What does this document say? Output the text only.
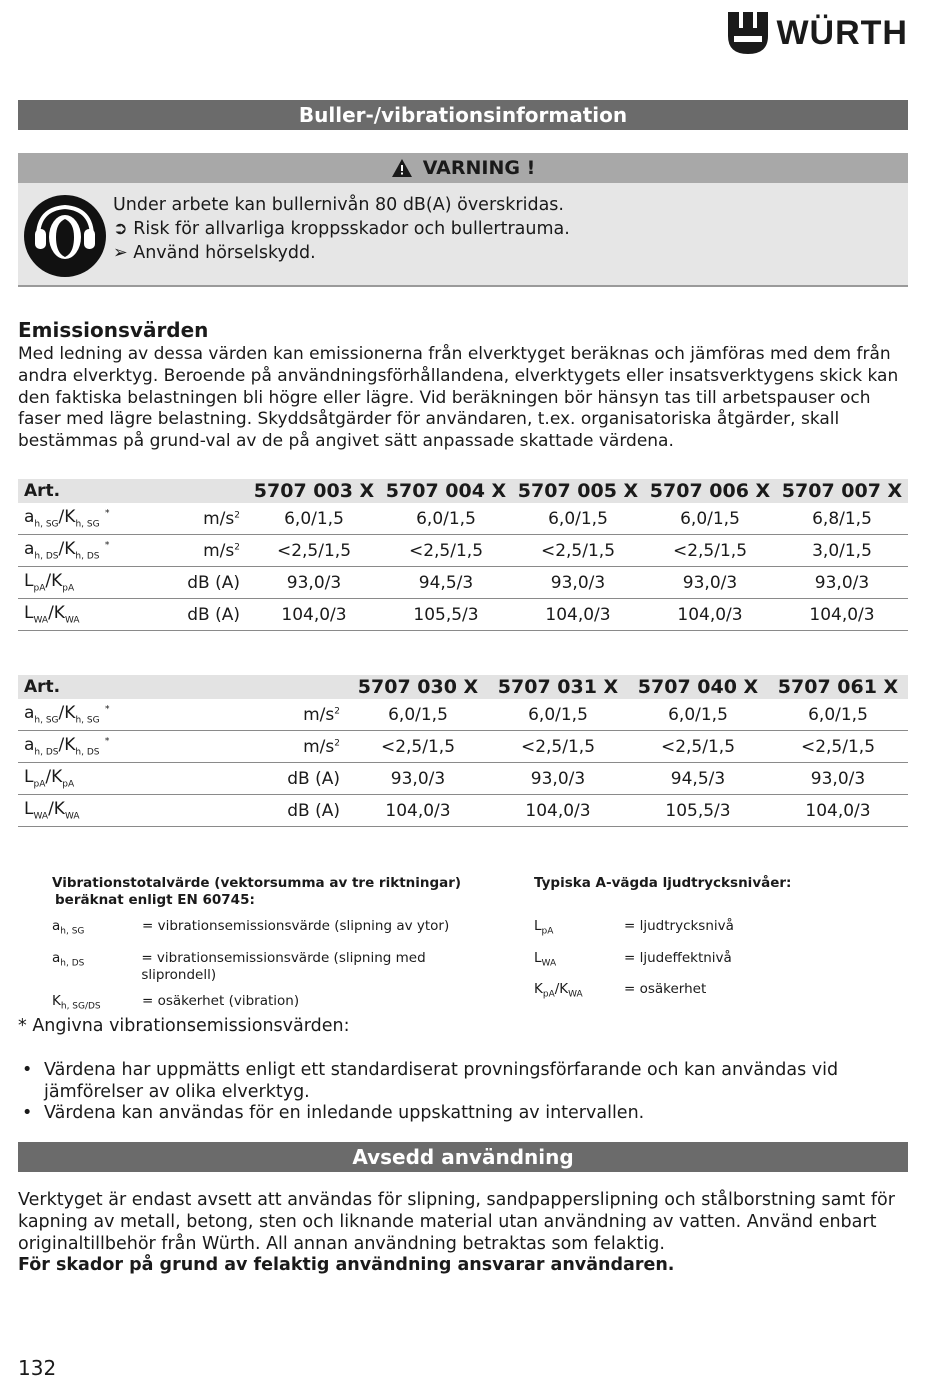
WÜRTH
Buller-/vibrationsinformation
VARNING !
Under arbete kan bullernivån 80 dB(A) överskridas.
➲ Risk för allvarliga kroppsskador och bullertrauma.
➢ Använd hörselskydd.
Emissionsvärden
Med ledning av dessa värden kan emissionerna från elverktyget beräknas och jämföras med dem från andra elverktyg. Beroende på användningsförhållandena, elverktygets eller insatsverktygens skick kan den faktiska belastningen bli högre eller lägre. Vid beräkningen bör hänsyn tas till arbetspauser och faser med lägre belastning. Skyddsåtgärder för användaren, t.ex. organisatoriska åtgärder, skall bestämmas på grund-val av de på angivet sätt anpassade skattade värdena.
Art.		5707 003 X	5707 004 X	5707 005 X	5707 006 X	5707 007 X
$a_{h, SG}/K_{h, SG}$ *	$m/s^2$	6,0/1,5	6,0/1,5	6,0/1,5	6,0/1,5	6,8/1,5
$a_{h, DS}/K_{h, DS}$ *	$m/s^2$	<2,5/1,5	<2,5/1,5	<2,5/1,5	<2,5/1,5	3,0/1,5
$L_{pA}/K_{pA}$	dB (A)	93,0/3	94,5/3	93,0/3	93,0/3	93,0/3
$L_{WA}/K_{WA}$	dB (A)	104,0/3	105,5/3	104,0/3	104,0/3	104,0/3
Art.		5707 030 X	5707 031 X	5707 040 X	5707 061 X
$a_{h, SG}/K_{h, SG}$ *	$m/s^2$	6,0/1,5	6,0/1,5	6,0/1,5	6,0/1,5
$a_{h, DS}/K_{h, DS}$ *	$m/s^2$	<2,5/1,5	<2,5/1,5	<2,5/1,5	<2,5/1,5
$L_{pA}/K_{pA}$	dB (A)	93,0/3	93,0/3	94,5/3	93,0/3
$L_{WA}/K_{WA}$	dB (A)	104,0/3	104,0/3	105,5/3	104,0/3
Vibrationstotalvärde (vektorsumma av tre riktningar)
beräknat enligt EN 60745:
$a_{h, SG}$	= vibrationsemissionsvärde (slipning av ytor)
$a_{h, DS}$	= vibrationsemissionsvärde (slipning med sliprondell)
$K_{h, SG/DS}$	= osäkerhet (vibration)
Typiska A-vägda ljudtrycksnivåer:
$L_{pA}$	= ljudtrycksnivå
$L_{WA}$	= ljudeffektnivå
$K_{pA}/K_{WA}$	= osäkerhet
* Angivna vibrationsemissionsvärden:
• Värdena har uppmätts enligt ett standardiserat provningsförfarande och kan användas vid jämförelser av olika elverktyg.
• Värdena kan användas för en inledande uppskattning av intervallen.
Avsedd användning
Verktyget är endast avsett att användas för slipning, sandpapperslipning och stålborstning samt för kapning av metall, betong, sten och liknande material utan användning av vatten. Använd enbart originaltillbehör från Würth. All annan användning betraktas som felaktig.
För skador på grund av felaktig användning ansvarar användaren.
132
